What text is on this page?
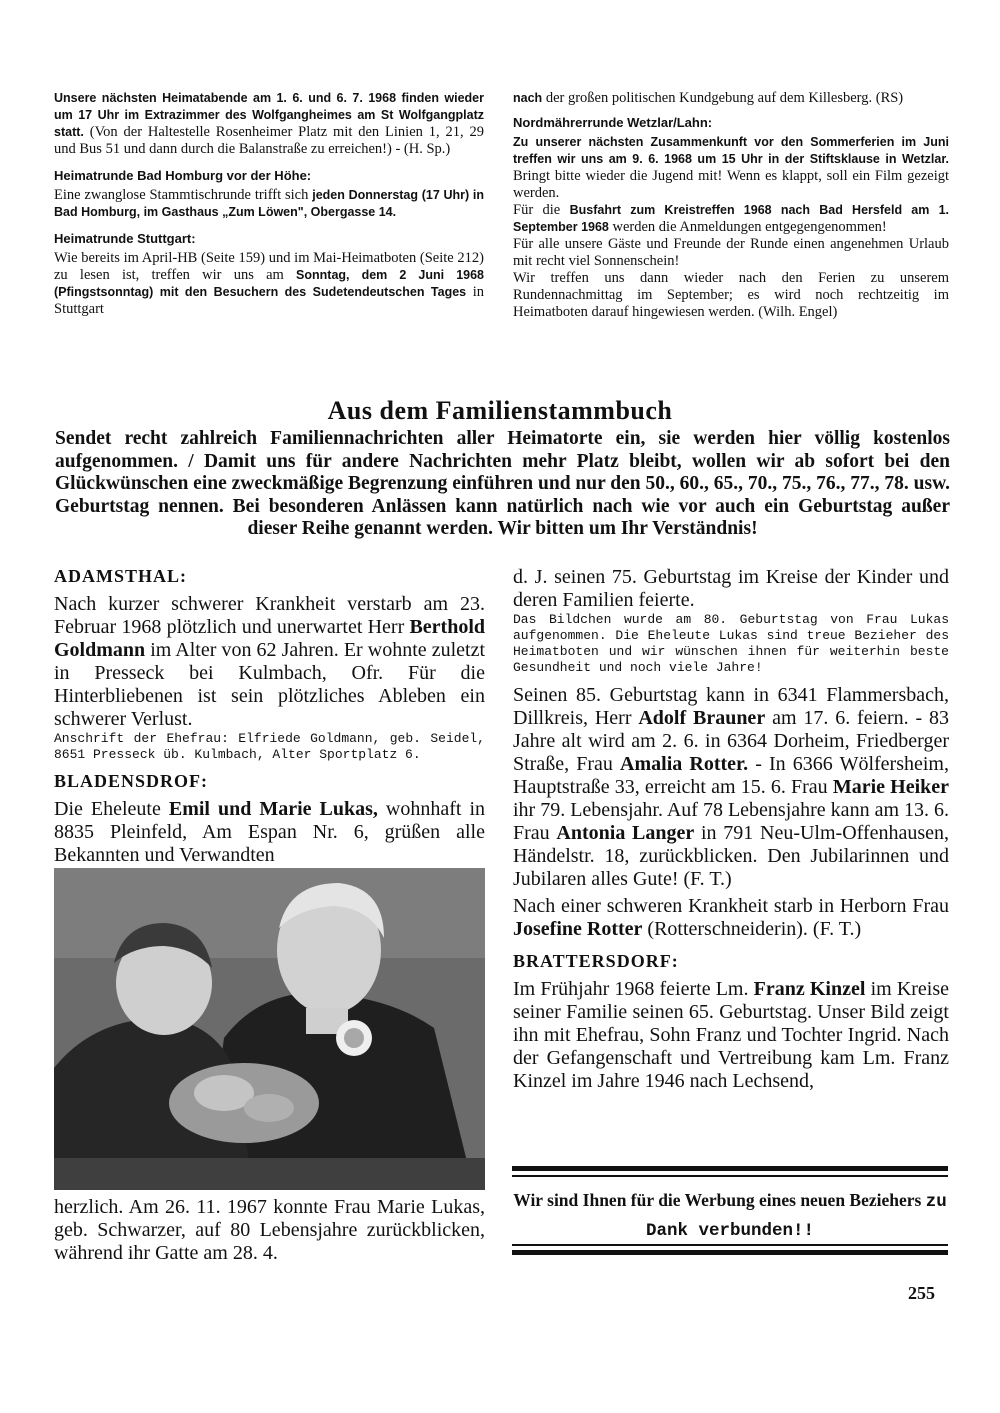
Unsere nächsten Heimatabende am 1. 6. und 6. 7. 1968 finden wieder um 17 Uhr im Extrazimmer des Wolfgangheimes am St Wolfgangplatz statt. (Von der Haltestelle Rosenheimer Platz mit den Linien 1, 21, 29 und Bus 51 und dann durch die Balanstraße zu erreichen!) - (H. Sp.)

Heimatrunde Bad Homburg vor der Höhe:

Eine zwanglose Stammtischrunde trifft sich jeden Donnerstag (17 Uhr) in Bad Homburg, im Gasthaus „Zum Löwen", Obergasse 14.

Heimatrunde Stuttgart:

Wie bereits im April-HB (Seite 159) und im Mai-Heimatboten (Seite 212) zu lesen ist, treffen wir uns am Sonntag, dem 2 Juni 1968 (Pfingstsonntag) mit den Besuchern des Sudetendeutschen Tages in Stuttgart

nach der großen politischen Kundgebung auf dem Killesberg. (RS)

Nordmährerrunde Wetzlar/Lahn:

Zu unserer nächsten Zusammenkunft vor den Sommerferien im Juni treffen wir uns am 9. 6. 1968 um 15 Uhr in der Stiftsklause in Wetzlar. Bringt bitte wieder die Jugend mit! Wenn es klappt, soll ein Film gezeigt werden.

Für die Busfahrt zum Kreistreffen 1968 nach Bad Hersfeld am 1. September 1968 werden die Anmeldungen entgegengenommen!

Für alle unsere Gäste und Freunde der Runde einen angenehmen Urlaub mit recht viel Sonnenschein!

Wir treffen uns dann wieder nach den Ferien zu unserem Rundennachmittag im September; es wird noch rechtzeitig im Heimatboten darauf hingewiesen werden. (Wilh. Engel)

Aus dem Familienstammbuch

Sendet recht zahlreich Familiennachrichten aller Heimatorte ein, sie werden hier völlig kostenlos aufgenommen. / Damit uns für andere Nachrichten mehr Platz bleibt, wollen wir ab sofort bei den Glückwünschen eine zweckmäßige Begrenzung einführen und nur den 50., 60., 65., 70., 75., 76., 77., 78. usw. Geburtstag nennen. Bei besonderen Anlässen kann natürlich nach wie vor auch ein Geburtstag außer dieser Reihe genannt werden. Wir bitten um Ihr Verständnis!

ADAMSTHAL:

Nach kurzer schwerer Krankheit verstarb am 23. Februar 1968 plötzlich und unerwartet Herr Berthold Goldmann im Alter von 62 Jahren. Er wohnte zuletzt in Presseck bei Kulmbach, Ofr. Für die Hinterbliebenen ist sein plötzliches Ableben ein schwerer Verlust.

Anschrift der Ehefrau: Elfriede Goldmann, geb. Seidel, 8651 Presseck üb. Kulmbach, Alter Sportplatz 6.

BLADENSDROF:

Die Eheleute Emil und Marie Lukas, wohnhaft in 8835 Pleinfeld, Am Espan Nr. 6, grüßen alle Bekannten und Verwandten

herzlich. Am 26. 11. 1967 konnte Frau Marie Lukas, geb. Schwarzer, auf 80 Lebensjahre zurückblicken, während ihr Gatte am 28. 4.

d. J. seinen 75. Geburtstag im Kreise der Kinder und deren Familien feierte.

Das Bildchen wurde am 80. Geburtstag von Frau Lukas aufgenommen. Die Eheleute Lukas sind treue Bezieher des Heimatboten und wir wünschen ihnen für weiterhin beste Gesundheit und noch viele Jahre!

Seinen 85. Geburtstag kann in 6341 Flammersbach, Dillkreis, Herr Adolf Brauner am 17. 6. feiern. - 83 Jahre alt wird am 2. 6. in 6364 Dorheim, Friedberger Straße, Frau Amalia Rotter. - In 6366 Wölfersheim, Hauptstraße 33, erreicht am 15. 6. Frau Marie Heiker ihr 79. Lebensjahr. Auf 78 Lebensjahre kann am 13. 6. Frau Antonia Langer in 791 Neu-Ulm-Offenhausen, Händelstr. 18, zurückblicken. Den Jubilarinnen und Jubilaren alles Gute! (F. T.)

Nach einer schweren Krankheit starb in Herborn Frau Josefine Rotter (Rotterschneiderin). (F. T.)

BRATTERSDORF:

Im Frühjahr 1968 feierte Lm. Franz Kinzel im Kreise seiner Familie seinen 65. Geburtstag. Unser Bild zeigt ihn mit Ehefrau, Sohn Franz und Tochter Ingrid. Nach der Gefangenschaft und Vertreibung kam Lm. Franz Kinzel im Jahre 1946 nach Lechsend,

Wir sind Ihnen für die Werbung eines neuen Beziehers zu Dank verbunden!!

255
